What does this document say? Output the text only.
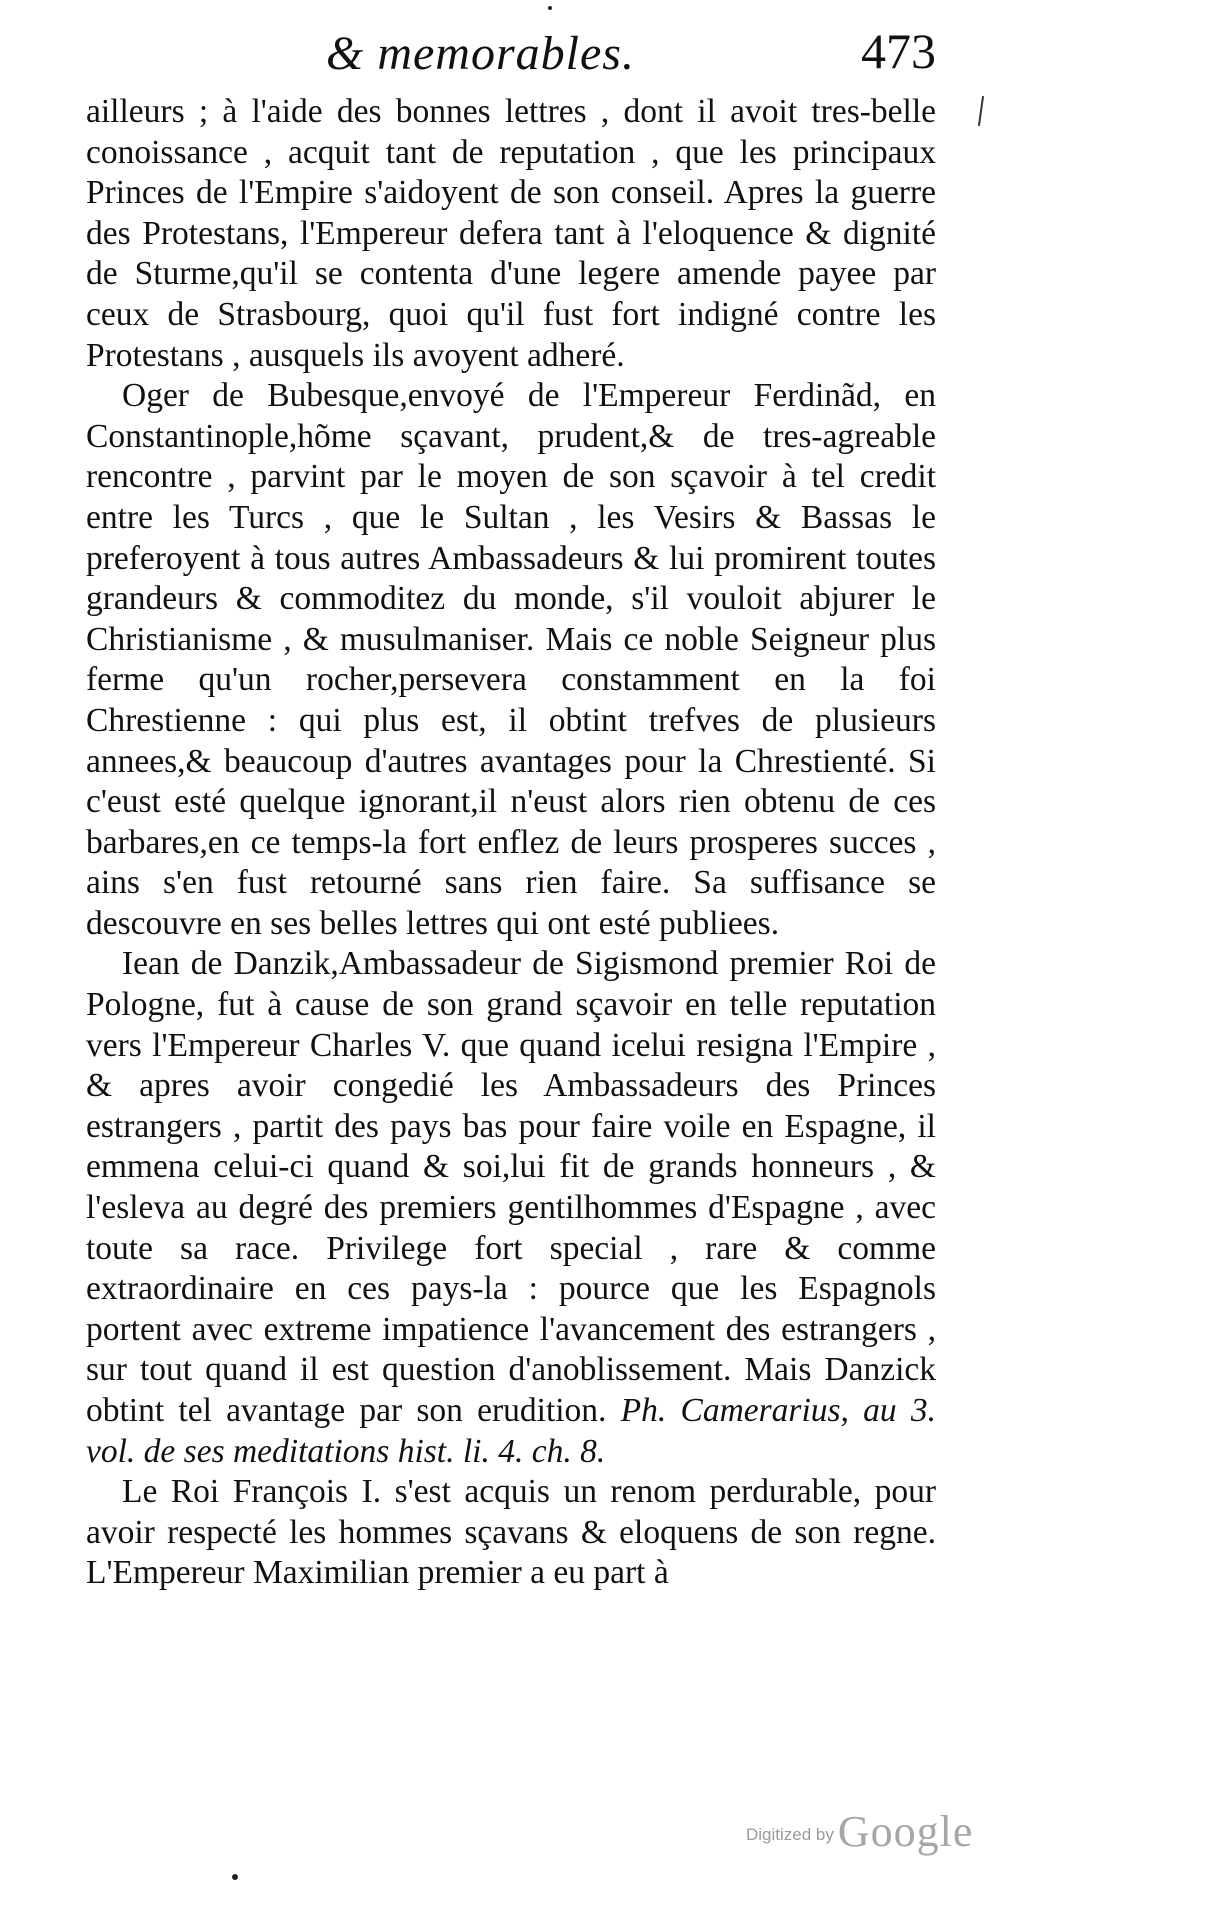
& memorables.	473

ailleurs ; à l'aide des bonnes lettres , dont il avoit tres-belle conoissance , acquit tant de reputation , que les principaux Princes de l'Empire s'aidoyent de son conseil. Apres la guerre des Protestans, l'Empereur defera tant à l'eloquence & dignité de Sturme,qu'il se contenta d'une legere amende payee par ceux de Strasbourg, quoi qu'il fust fort indigné contre les Protestans , ausquels ils avoyent adheré.

Oger de Bubesque,envoyé de l'Empereur Ferdinãd, en Constantinople,hõme sçavant, prudent,& de tres-agreable rencontre , parvint par le moyen de son sçavoir à tel credit entre les Turcs , que le Sultan , les Vesirs & Bassas le preferoyent à tous autres Ambassadeurs & lui promirent toutes grandeurs & commoditez du monde, s'il vouloit abjurer le Christianisme , & musulmaniser. Mais ce noble Seigneur plus ferme qu'un rocher,persevera constamment en la foi Chrestienne : qui plus est, il obtint trefves de plusieurs annees,& beaucoup d'autres avantages pour la Chrestienté. Si c'eust esté quelque ignorant,il n'eust alors rien obtenu de ces barbares,en ce temps-la fort enflez de leurs prosperes succes , ains s'en fust retourné sans rien faire. Sa suffisance se descouvre en ses belles lettres qui ont esté publiees.

Iean de Danzik,Ambassadeur de Sigismond premier Roi de Pologne, fut à cause de son grand sçavoir en telle reputation vers l'Empereur Charles V. que quand icelui resigna l'Empire , & apres avoir congedié les Ambassadeurs des Princes estrangers , partit des pays bas pour faire voile en Espagne, il emmena celui-ci quand & soi,lui fit de grands honneurs , & l'esleva au degré des premiers gentilhommes d'Espagne , avec toute sa race. Privilege fort special , rare & comme extraordinaire en ces pays-la : pource que les Espagnols portent avec extreme impatience l'avancement des estrangers , sur tout quand il est question d'anoblissement. Mais Danzick obtint tel avantage par son erudition. Ph. Camerarius, au 3. vol. de ses meditations hist. li. 4. ch. 8.

Le Roi François I. s'est acquis un renom perdurable, pour avoir respecté les hommes sçavans & eloquens de son regne. L'Empereur Maximilian premier a eu part à

Digitized byGoogle
